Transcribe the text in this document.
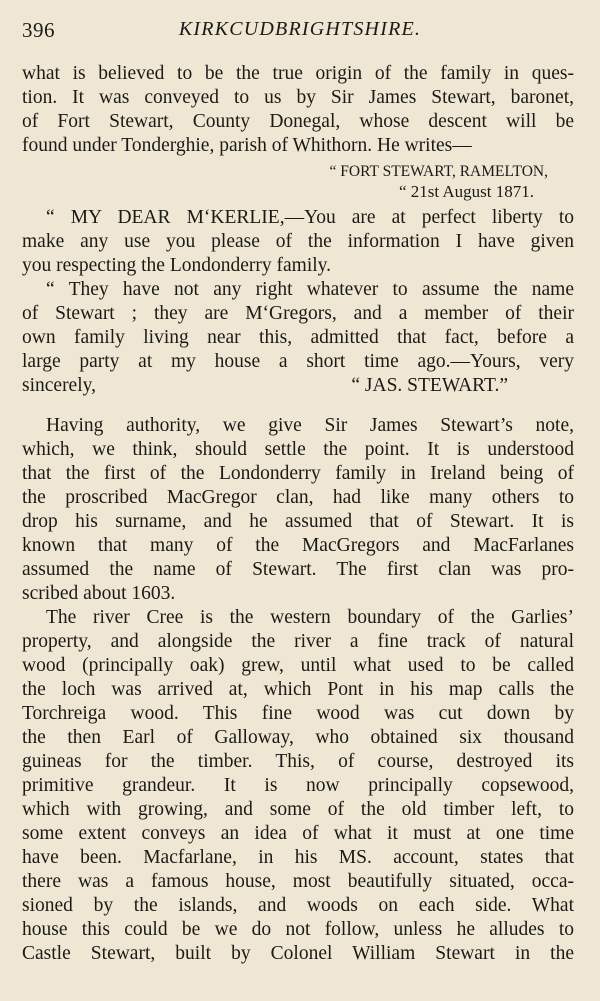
396	KIRKCUDBRIGHTSHIRE.
what is believed to be the true origin of the family in ques-
tion. It was conveyed to us by Sir James Stewart, baronet,
of Fort Stewart, County Donegal, whose descent will be
found under Tonderghie, parish of Whithorn. He writes—
“ FORT STEWART, RAMELTON,
“ 21st August 1871.
“ MY DEAR M‘KERLIE,—You are at perfect liberty to
make any use you please of the information I have given
you respecting the Londonderry family.
“ They have not any right whatever to assume the name
of Stewart ; they are M‘Gregors, and a member of their
own family living near this, admitted that fact, before a
large party at my house a short time ago.—Yours, very
sincerely,	“ JAS. STEWART.”
Having authority, we give Sir James Stewart’s note,
which, we think, should settle the point. It is understood
that the first of the Londonderry family in Ireland being of
the proscribed MacGregor clan, had like many others to
drop his surname, and he assumed that of Stewart. It is
known that many of the MacGregors and MacFarlanes
assumed the name of Stewart. The first clan was pro-
scribed about 1603.
The river Cree is the western boundary of the Garlies’
property, and alongside the river a fine track of natural
wood (principally oak) grew, until what used to be called
the loch was arrived at, which Pont in his map calls the
Torchreiga wood. This fine wood was cut down by
the then Earl of Galloway, who obtained six thousand
guineas for the timber. This, of course, destroyed its
primitive grandeur. It is now principally copsewood,
which with growing, and some of the old timber left, to
some extent conveys an idea of what it must at one time
have been. Macfarlane, in his MS. account, states that
there was a famous house, most beautifully situated, occa-
sioned by the islands, and woods on each side. What
house this could be we do not follow, unless he alludes to
Castle Stewart, built by Colonel William Stewart in the
